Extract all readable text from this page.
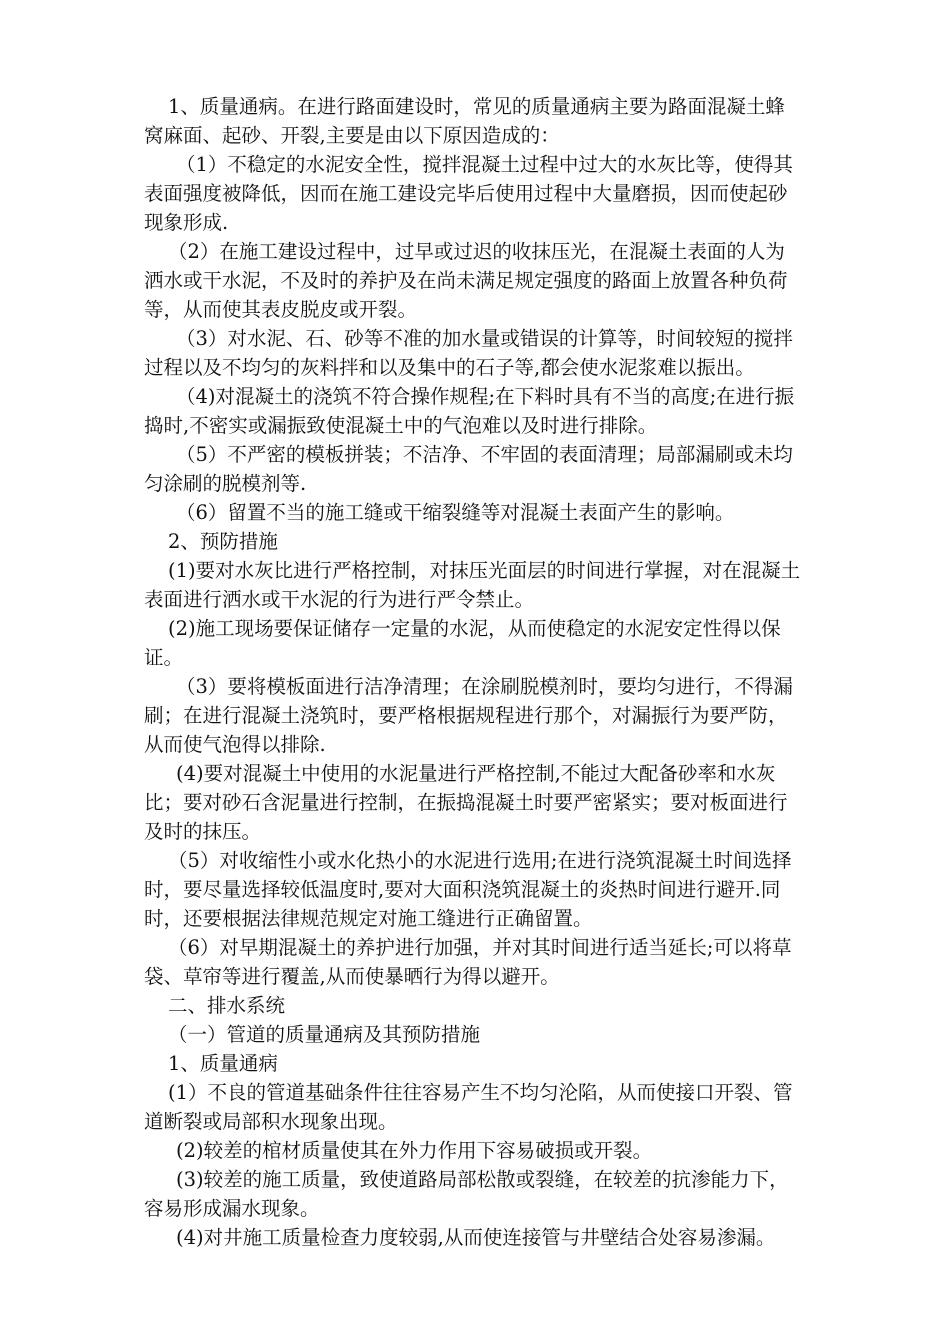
1、质量通病。在进行路面建设时，常见的质量通病主要为路面混凝土蜂窝麻面、起砂、开裂,主要是由以下原因造成的：

（1）不稳定的水泥安全性，搅拌混凝土过程中过大的水灰比等，使得其表面强度被降低，因而在施工建设完毕后使用过程中大量磨损，因而使起砂现象形成.

（2）在施工建设过程中，过早或过迟的收抹压光，在混凝土表面的人为洒水或干水泥，不及时的养护及在尚未满足规定强度的路面上放置各种负荷等，从而使其表皮脱皮或开裂。

（3）对水泥、石、砂等不准的加水量或错误的计算等，时间较短的搅拌过程以及不均匀的灰料拌和以及集中的石子等,都会使水泥浆难以振出。

（4)对混凝土的浇筑不符合操作规程;在下料时具有不当的高度;在进行振捣时,不密实或漏振致使混凝土中的气泡难以及时进行排除。

（5）不严密的模板拼装；不洁净、不牢固的表面清理；局部漏刷或未均匀涂刷的脱模剂等.

（6）留置不当的施工缝或干缩裂缝等对混凝土表面产生的影响。

2、预防措施

(1)要对水灰比进行严格控制，对抹压光面层的时间进行掌握，对在混凝土表面进行洒水或干水泥的行为进行严令禁止。

(2)施工现场要保证储存一定量的水泥，从而使稳定的水泥安定性得以保证。

（3）要将模板面进行洁净清理；在涂刷脱模剂时，要均匀进行，不得漏刷；在进行混凝土浇筑时，要严格根据规程进行那个，对漏振行为要严防，从而使气泡得以排除.

(4)要对混凝土中使用的水泥量进行严格控制,不能过大配备砂率和水灰比；要对砂石含泥量进行控制，在振捣混凝土时要严密紧实；要对板面进行及时的抹压。

（5）对收缩性小或水化热小的水泥进行选用;在进行浇筑混凝土时间选择时，要尽量选择较低温度时,要对大面积浇筑混凝土的炎热时间进行避开.同时，还要根据法律规范规定对施工缝进行正确留置。

（6）对早期混凝土的养护进行加强，并对其时间进行适当延长;可以将草袋、草帘等进行覆盖,从而使暴晒行为得以避开。

二、排水系统

（一）管道的质量通病及其预防措施

1、质量通病

(1）不良的管道基础条件往往容易产生不均匀沦陷，从而使接口开裂、管道断裂或局部积水现象出现。

(2)较差的棺材质量使其在外力作用下容易破损或开裂。

(3)较差的施工质量，致使道路局部松散或裂缝，在较差的抗渗能力下，容易形成漏水现象。

(4)对井施工质量检查力度较弱,从而使连接管与井壁结合处容易渗漏。
